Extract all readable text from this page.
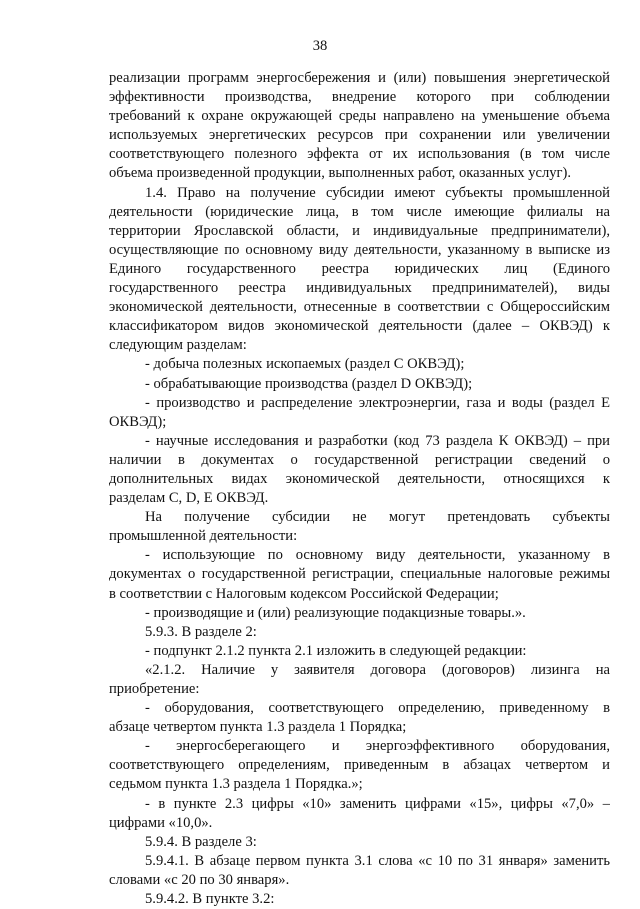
38
реализации программ энергосбережения и (или) повышения энергетической
эффективности производства, внедрение которого при соблюдении
требований к охране окружающей среды направлено на уменьшение объема
используемых энергетических ресурсов при сохранении или увеличении
соответствующего полезного эффекта от их использования (в том числе
объема произведенной продукции, выполненных работ, оказанных услуг).
1.4. Право на получение субсидии имеют субъекты промышленной
деятельности (юридические лица, в том числе имеющие филиалы на
территории Ярославской области, и индивидуальные предприниматели),
осуществляющие по основному виду деятельности, указанному в выписке из
Единого государственного реестра юридических лиц (Единого
государственного реестра индивидуальных предпринимателей), виды
экономической деятельности, отнесенные в соответствии с Общероссийским
классификатором видов экономической деятельности (далее – ОКВЭД) к
следующим разделам:
- добыча полезных ископаемых (раздел С ОКВЭД);
- обрабатывающие производства (раздел D ОКВЭД);
- производство и распределение электроэнергии, газа и воды (раздел Е
ОКВЭД);
- научные исследования и разработки (код 73 раздела К ОКВЭД) – при
наличии в документах о государственной регистрации сведений о
дополнительных видах экономической деятельности, относящихся к
разделам С, D, Е ОКВЭД.
На получение субсидии не могут претендовать субъекты
промышленной деятельности:
- использующие по основному виду деятельности, указанному в
документах о государственной регистрации, специальные налоговые режимы
в соответствии с Налоговым кодексом Российской Федерации;
- производящие и (или) реализующие подакцизные товары.».
5.9.3. В разделе 2:
- подпункт 2.1.2 пункта 2.1 изложить в следующей редакции:
«2.1.2. Наличие у заявителя договора (договоров) лизинга на
приобретение:
- оборудования, соответствующего определению, приведенному в
абзаце четвертом пункта 1.3 раздела 1 Порядка;
- энергосберегающего и энергоэффективного оборудования,
соответствующего определениям, приведенным в абзацах четвертом и
седьмом пункта 1.3 раздела 1 Порядка.»;
- в пункте 2.3 цифры «10» заменить цифрами «15», цифры «7,0» –
цифрами «10,0».
5.9.4. В разделе 3:
5.9.4.1. В абзаце первом пункта 3.1 слова «с 10 по 31 января» заменить
словами «с 20 по 30 января».
5.9.4.2. В пункте 3.2:
